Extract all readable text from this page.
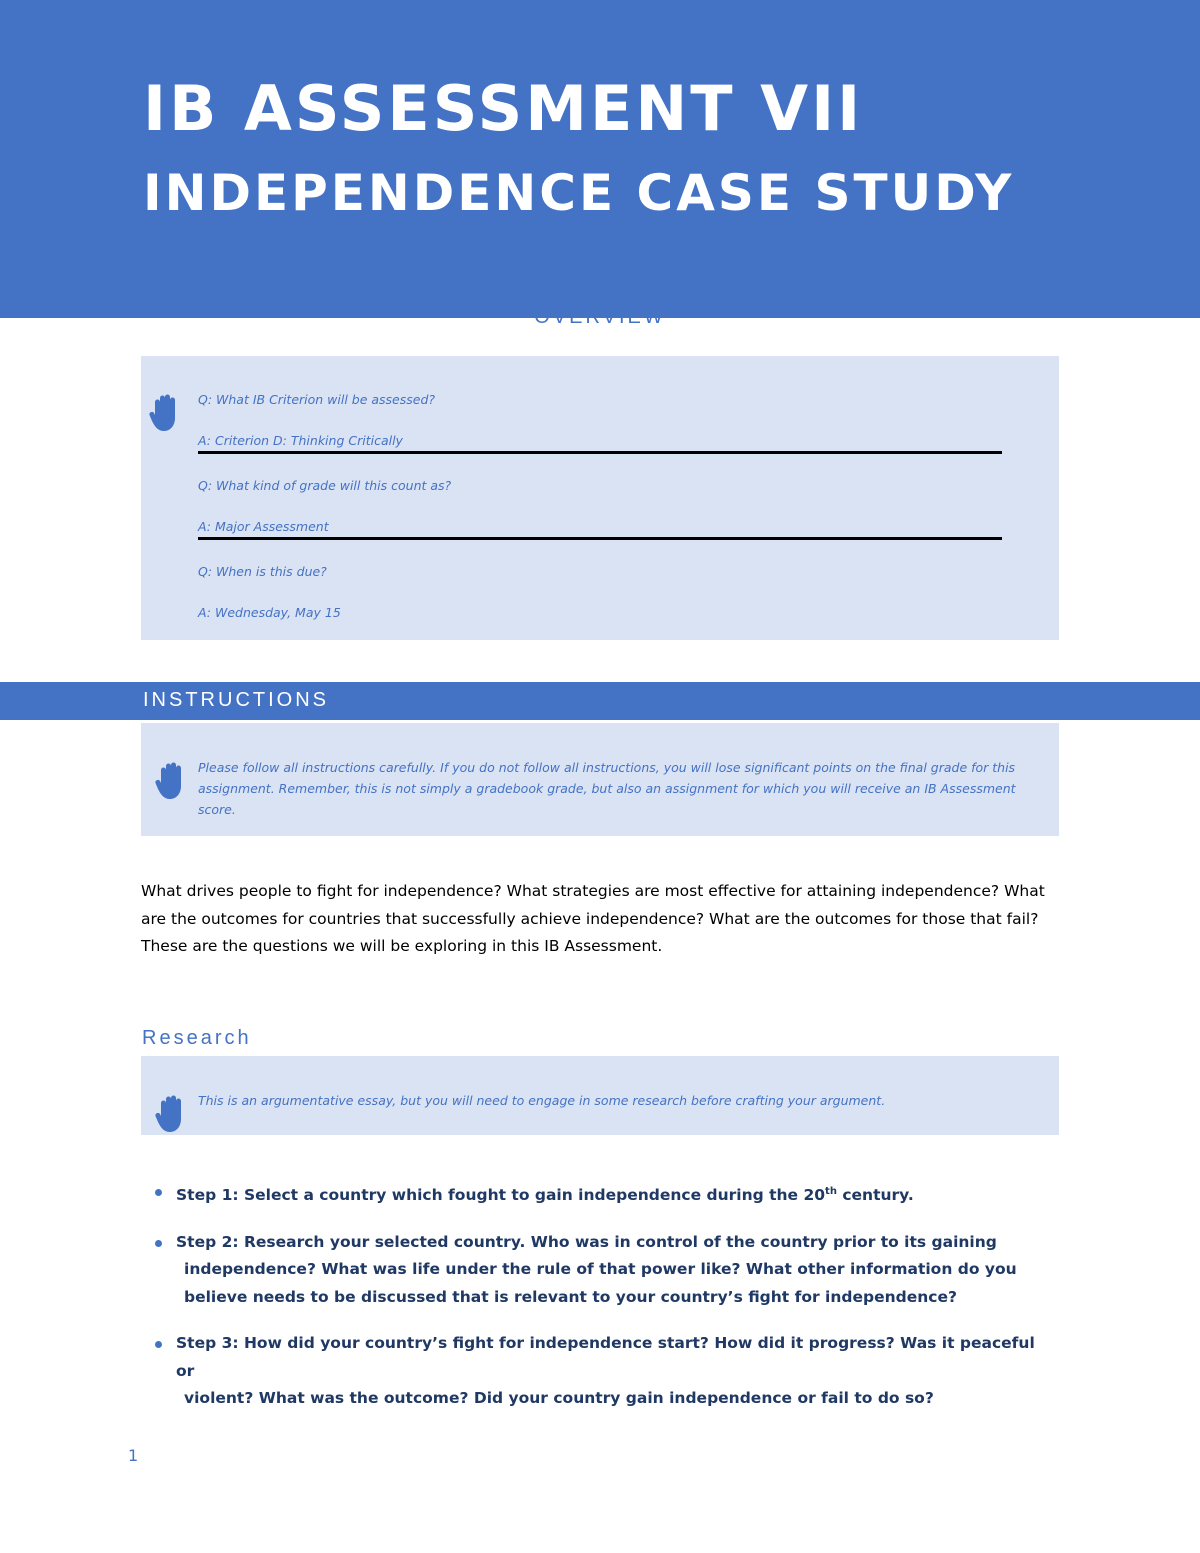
IB ASSESSMENT VII
INDEPENDENCE CASE STUDY
OVERVIEW

Q: What IB Criterion will be assessed?

A: Criterion D: Thinking Critically

Q: What kind of grade will this count as?

A: Major Assessment

Q: When is this due?

A: Wednesday, May 15

INSTRUCTIONS

Please follow all instructions carefully. If you do not follow all instructions, you will lose significant points on the final grade for this assignment. Remember, this is not simply a gradebook grade, but also an assignment for which you will receive an IB Assessment score.

What drives people to fight for independence? What strategies are most effective for attaining independence? What are the outcomes for countries that successfully achieve independence? What are the outcomes for those that fail? These are the questions we will be exploring in this IB Assessment.

Research

This is an argumentative essay, but you will need to engage in some research before crafting your argument.

Step 1: Select a country which fought to gain independence during the 20th century.
Step 2: Research your selected country. Who was in control of the country prior to its gaining
independence? What was life under the rule of that power like? What other information do you believe needs to be discussed that is relevant to your country’s fight for independence?
Step 3: How did your country’s fight for independence start? How did it progress? Was it peaceful or
violent? What was the outcome? Did your country gain independence or fail to do so?

1
